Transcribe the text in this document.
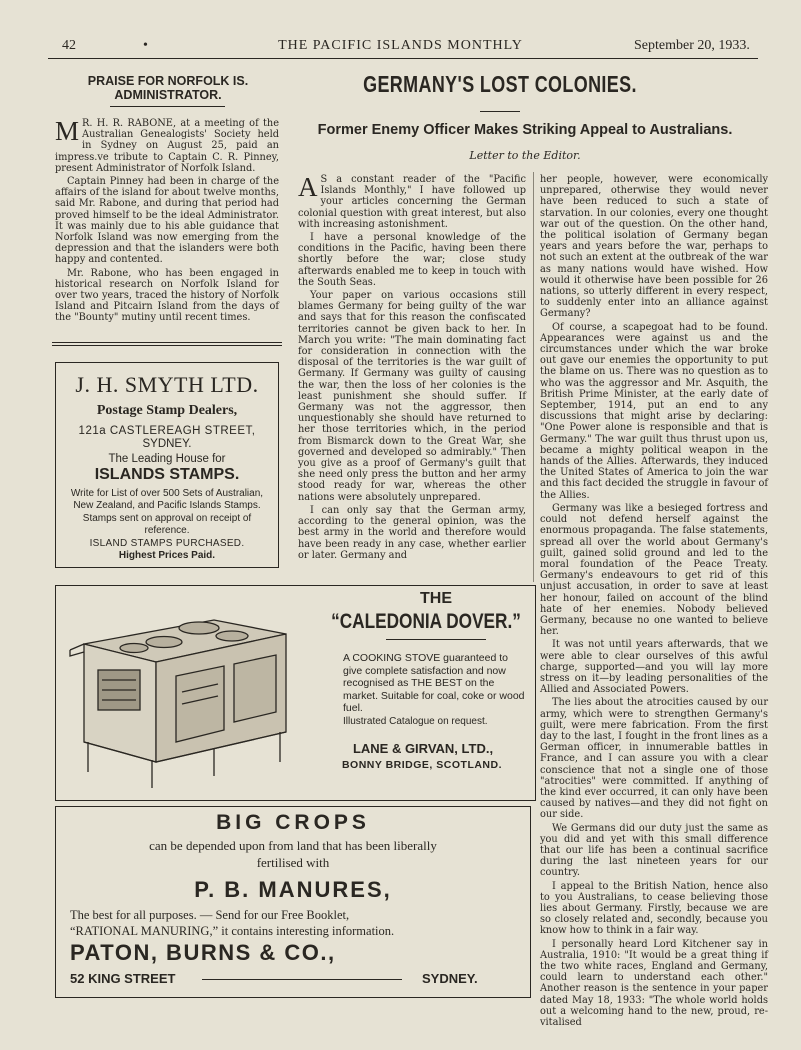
42	•	THE PACIFIC ISLANDS MONTHLY	September 20, 1933.
PRAISE FOR NORFOLK IS.
ADMINISTRATOR.

M R. H. R. RABONE, at a meeting of the Australian Genealogists' Society held in Sydney on August 25, paid an impress.ve tribute to Captain C. R. Pinney, present Administrator of Norfolk Island.

Captain Pinney had been in charge of the affairs of the island for about twelve months, said Mr. Rabone, and during that period had proved himself to be the ideal Administrator. It was mainly due to his able guidance that Norfolk Island was now emerging from the depression and that the islanders were both happy and contented.

Mr. Rabone, who has been engaged in historical research on Norfolk Island for over two years, traced the history of Norfolk Island and Pitcairn Island from the days of the "Bounty" mutiny until recent times.

J. H. SMYTH LTD.
Postage Stamp Dealers,
121a CASTLEREAGH STREET,
SYDNEY.
The Leading House for
ISLANDS STAMPS.
Write for List of over 500 Sets of Australian, New Zealand, and Pacific Islands Stamps.
Stamps sent on approval on receipt of reference.
ISLAND STAMPS PURCHASED.
Highest Prices Paid.
GERMANY'S LOST COLONIES.
Former Enemy Officer Makes Striking Appeal to Australians.
Letter to the Editor.

A S a constant reader of the "Pacific Islands Monthly," I have followed up your articles concerning the German colonial question with great interest, but also with increasing astonishment.

I have a personal knowledge of the conditions in the Pacific, having been there shortly before the war; close study afterwards enabled me to keep in touch with the South Seas.

Your paper on various occasions still blames Germany for being guilty of the war and says that for this reason the confiscated territories cannot be given back to her. In March you write: "The main dominating fact for consideration in connection with the disposal of the territories is the war guilt of Germany. If Germany was guilty of causing the war, then the loss of her colonies is the least punishment she should suffer. If Germany was not the aggressor, then unquestionably she should have returned to her those territories which, in the period from Bismarck down to the Great War, she governed and developed so admirably." Then you give as a proof of Germany's guilt that she need only press the button and her army stood ready for war, whereas the other nations were absolutely unprepared.

I can only say that the German army, according to the general opinion, was the best army in the world and therefore would have been ready in any case, whether earlier or later. Germany and

her people, however, were economically unprepared, otherwise they would never have been reduced to such a state of starvation. In our colonies, every one thought war out of the question. On the other hand, the political isolation of Germany began years and years before the war, perhaps to not such an extent at the outbreak of the war as many nations would have wished. How would it otherwise have been possible for 26 nations, so utterly different in every respect, to suddenly enter into an alliance against Germany?

Of course, a scapegoat had to be found. Appearances were against us and the circumstances under which the war broke out gave our enemies the opportunity to put the blame on us. There was no question as to who was the aggressor and Mr. Asquith, the British Prime Minister, at the early date of September, 1914, put an end to any discussions that might arise by declaring: "One Power alone is responsible and that is Germany." The war guilt thus thrust upon us, became a mighty political weapon in the hands of the Allies. Afterwards, they induced the United States of America to join the war and this fact decided the struggle in favour of the Allies.

Germany was like a besieged fortress and could not defend herself against the enormous propaganda. The false statements, spread all over the world about Germany's guilt, gained solid ground and led to the moral foundation of the Peace Treaty. Germany's endeavours to get rid of this unjust accusation, in order to save at least her honour, failed on account of the blind hate of her enemies. Nobody believed Germany, because no one wanted to believe her.

It was not until years afterwards, that we were able to clear ourselves of this awful charge, supported—and you will lay more stress on it—by leading personalities of the Allied and Associated Powers.

The lies about the atrocities caused by our army, which were to strengthen Germany's guilt, were mere fabrication. From the first day to the last, I fought in the front lines as a German officer, in innumerable battles in France, and I can assure you with a clear conscience that not a single one of those "atrocities" were committed. If anything of the kind ever occurred, it can only have been caused by natives—and they did not fight on our side.

We Germans did our duty just the same as you did and yet with this small difference that our life has been a continual sacrifice during the last nineteen years for our country.

I appeal to the British Nation, hence also to you Australians, to cease believing those lies about Germany. Firstly, because we are so closely related and, secondly, because you know how to think in a fair way.

I personally heard Lord Kitchener say in Australia, 1910: "It would be a great thing if the two white races, England and Germany, could learn to understand each other." Another reason is the sentence in your paper dated May 18, 1933: "The whole world holds out a welcoming hand to the new, proud, re-vitalised

THE
“CALEDONIA DOVER.”
A COOKING STOVE guaranteed to give complete satisfaction and now recognised as THE BEST on the market. Suitable for coal, coke or wood fuel.
Illustrated Catalogue on request.
LANE & GIRVAN, LTD.,
BONNY BRIDGE, SCOTLAND.
BIG CROPS
can be depended upon from land that has been liberally
fertilised with
P. B. MANURES,
The best for all purposes. — Send for our Free Booklet,
“RATIONAL MANURING,” it contains interesting information.
PATON, BURNS & CO.,
52 KING STREET	SYDNEY.
